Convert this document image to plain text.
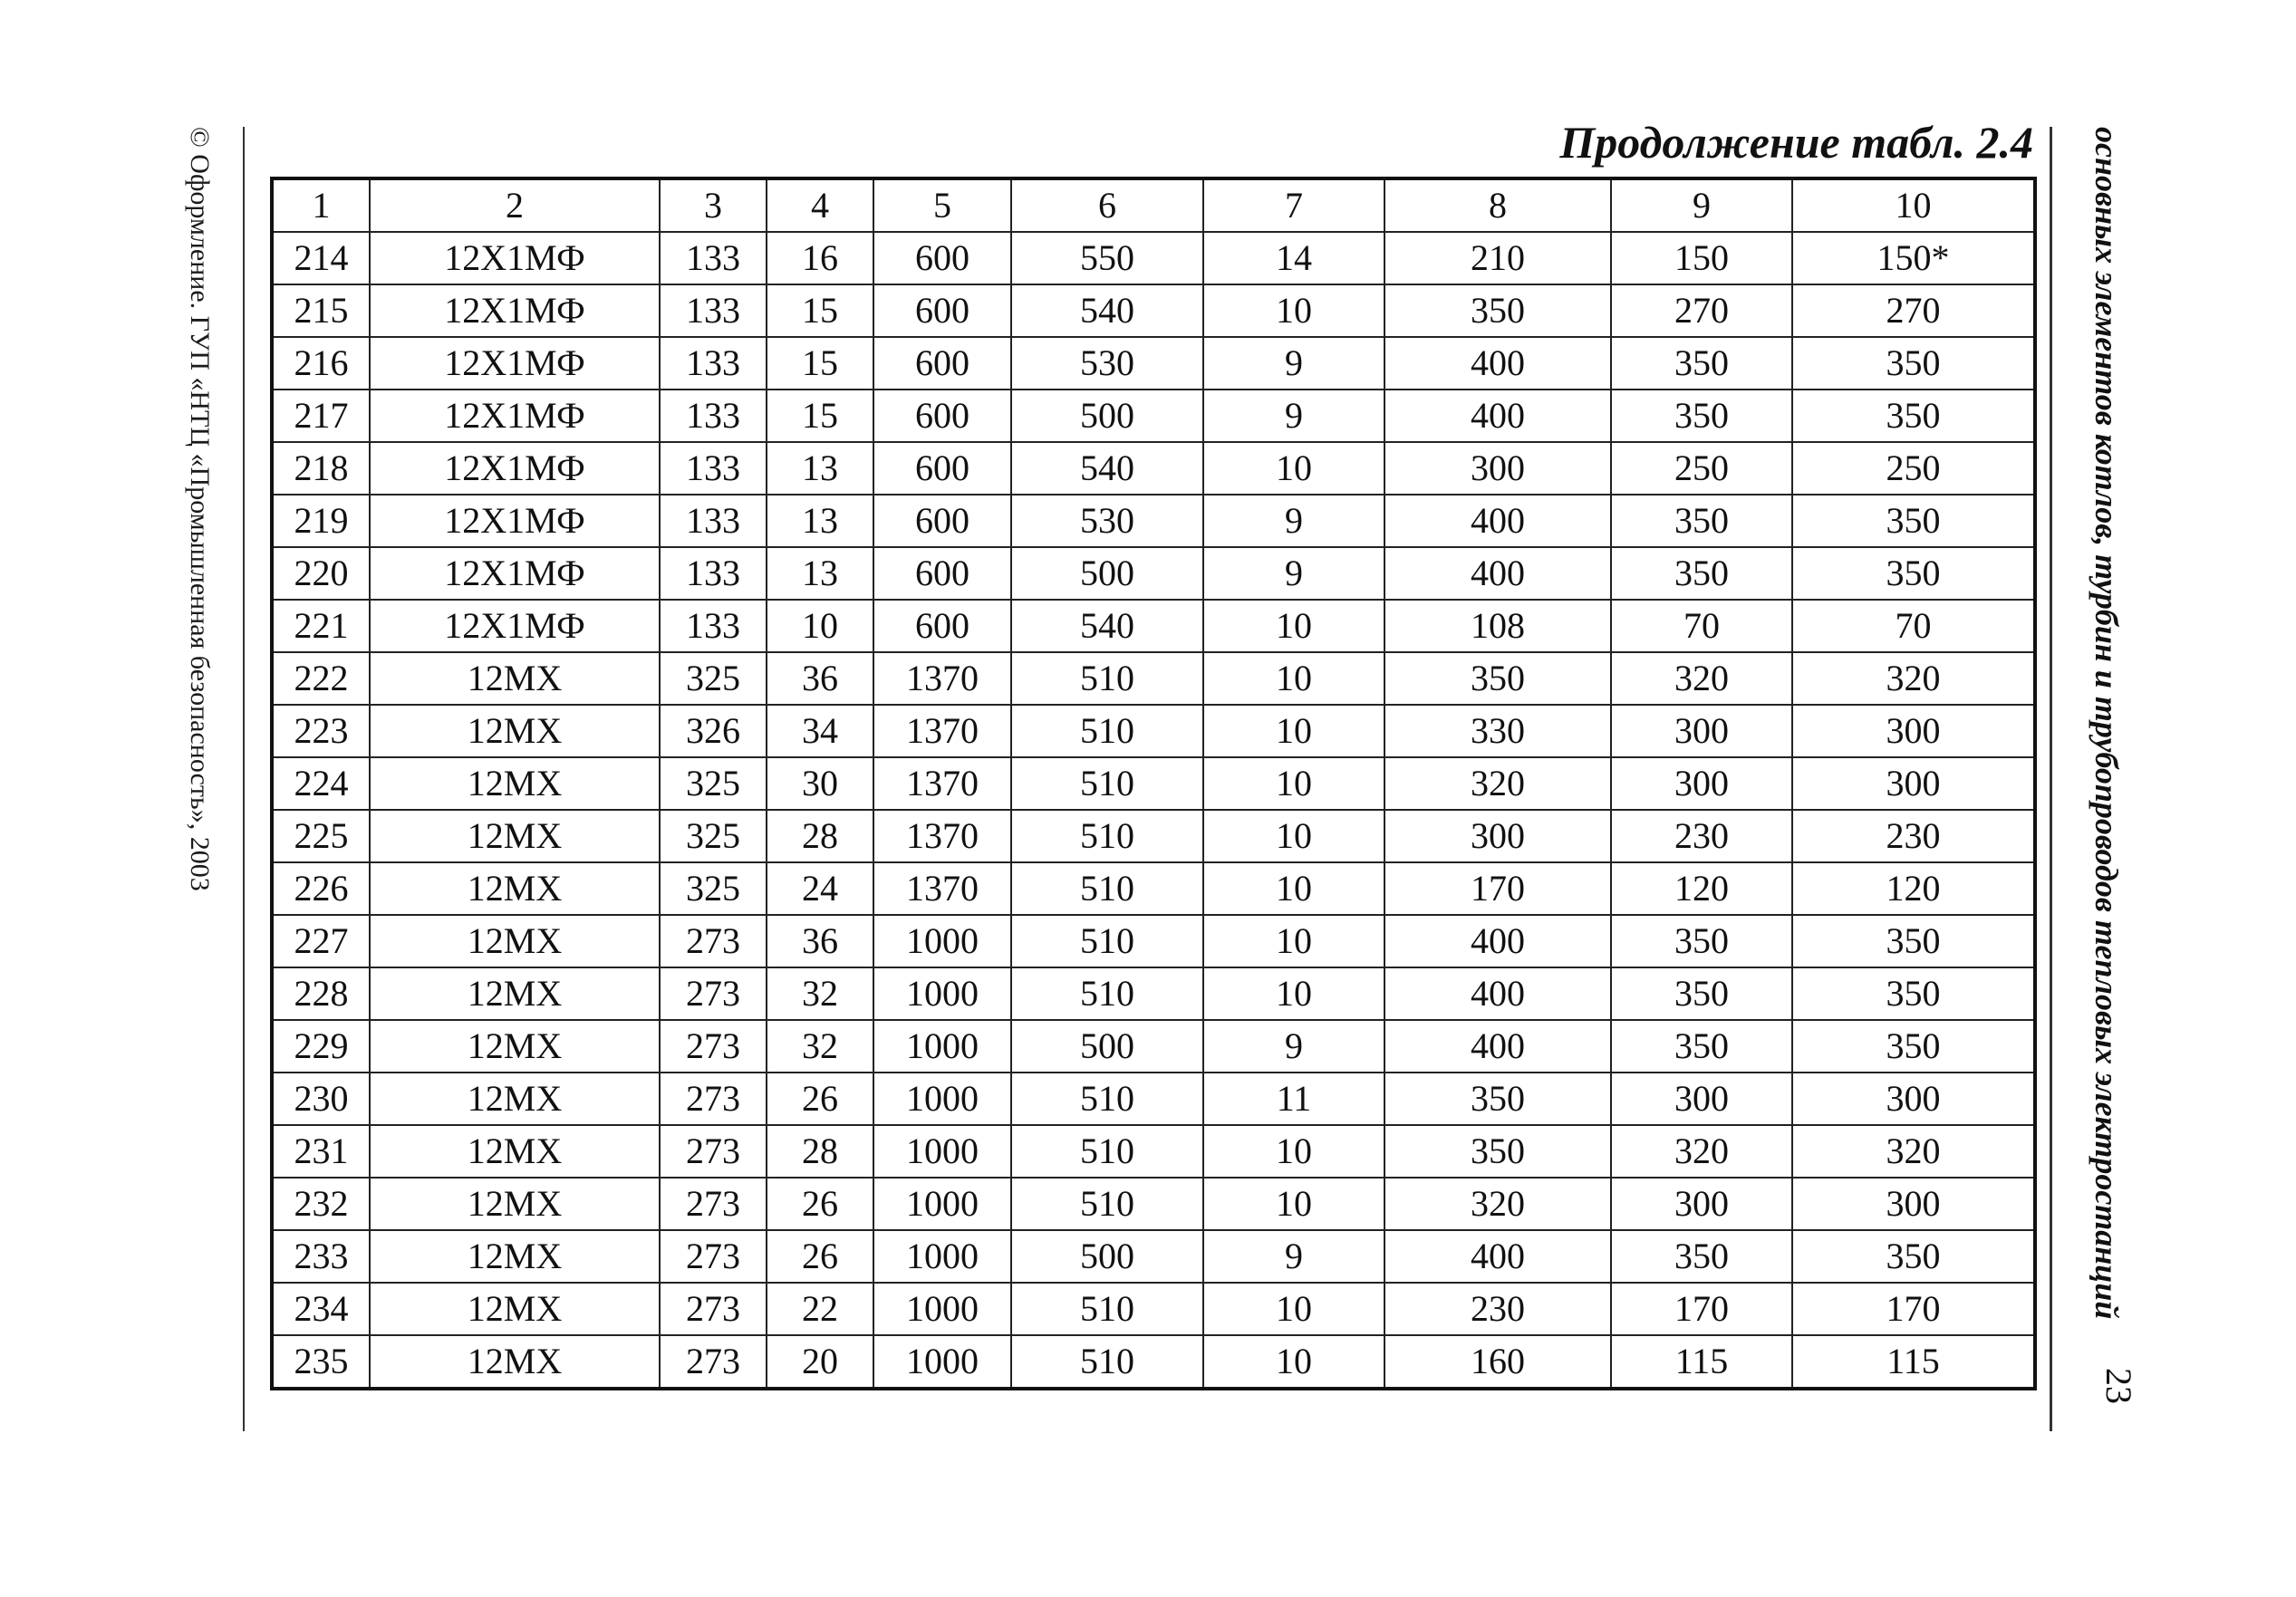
© Оформление. ГУП «НТЦ «Промышленная безопасность», 2003	Продолжение табл. 2.4
1	2	3	4	5	6	7	8	9	10
214	12Х1МФ	133	16	600	550	14	210	150	150*
215	12Х1МФ	133	15	600	540	10	350	270	270
216	12Х1МФ	133	15	600	530	9	400	350	350
217	12Х1МФ	133	15	600	500	9	400	350	350
218	12Х1МФ	133	13	600	540	10	300	250	250
219	12Х1МФ	133	13	600	530	9	400	350	350
220	12Х1МФ	133	13	600	500	9	400	350	350
221	12Х1МФ	133	10	600	540	10	108	70	70
222	12МХ	325	36	1370	510	10	350	320	320
223	12МХ	326	34	1370	510	10	330	300	300
224	12МХ	325	30	1370	510	10	320	300	300
225	12МХ	325	28	1370	510	10	300	230	230
226	12МХ	325	24	1370	510	10	170	120	120
227	12МХ	273	36	1000	510	10	400	350	350
228	12МХ	273	32	1000	510	10	400	350	350
229	12МХ	273	32	1000	500	9	400	350	350
230	12МХ	273	26	1000	510	11	350	300	300
231	12МХ	273	28	1000	510	10	350	320	320
232	12МХ	273	26	1000	510	10	320	300	300
233	12МХ	273	26	1000	500	9	400	350	350
234	12МХ	273	22	1000	510	10	230	170	170
235	12МХ	273	20	1000	510	10	160	115	115
основных элементов котлов, турбин и трубопроводов тепловых электростанций
23
